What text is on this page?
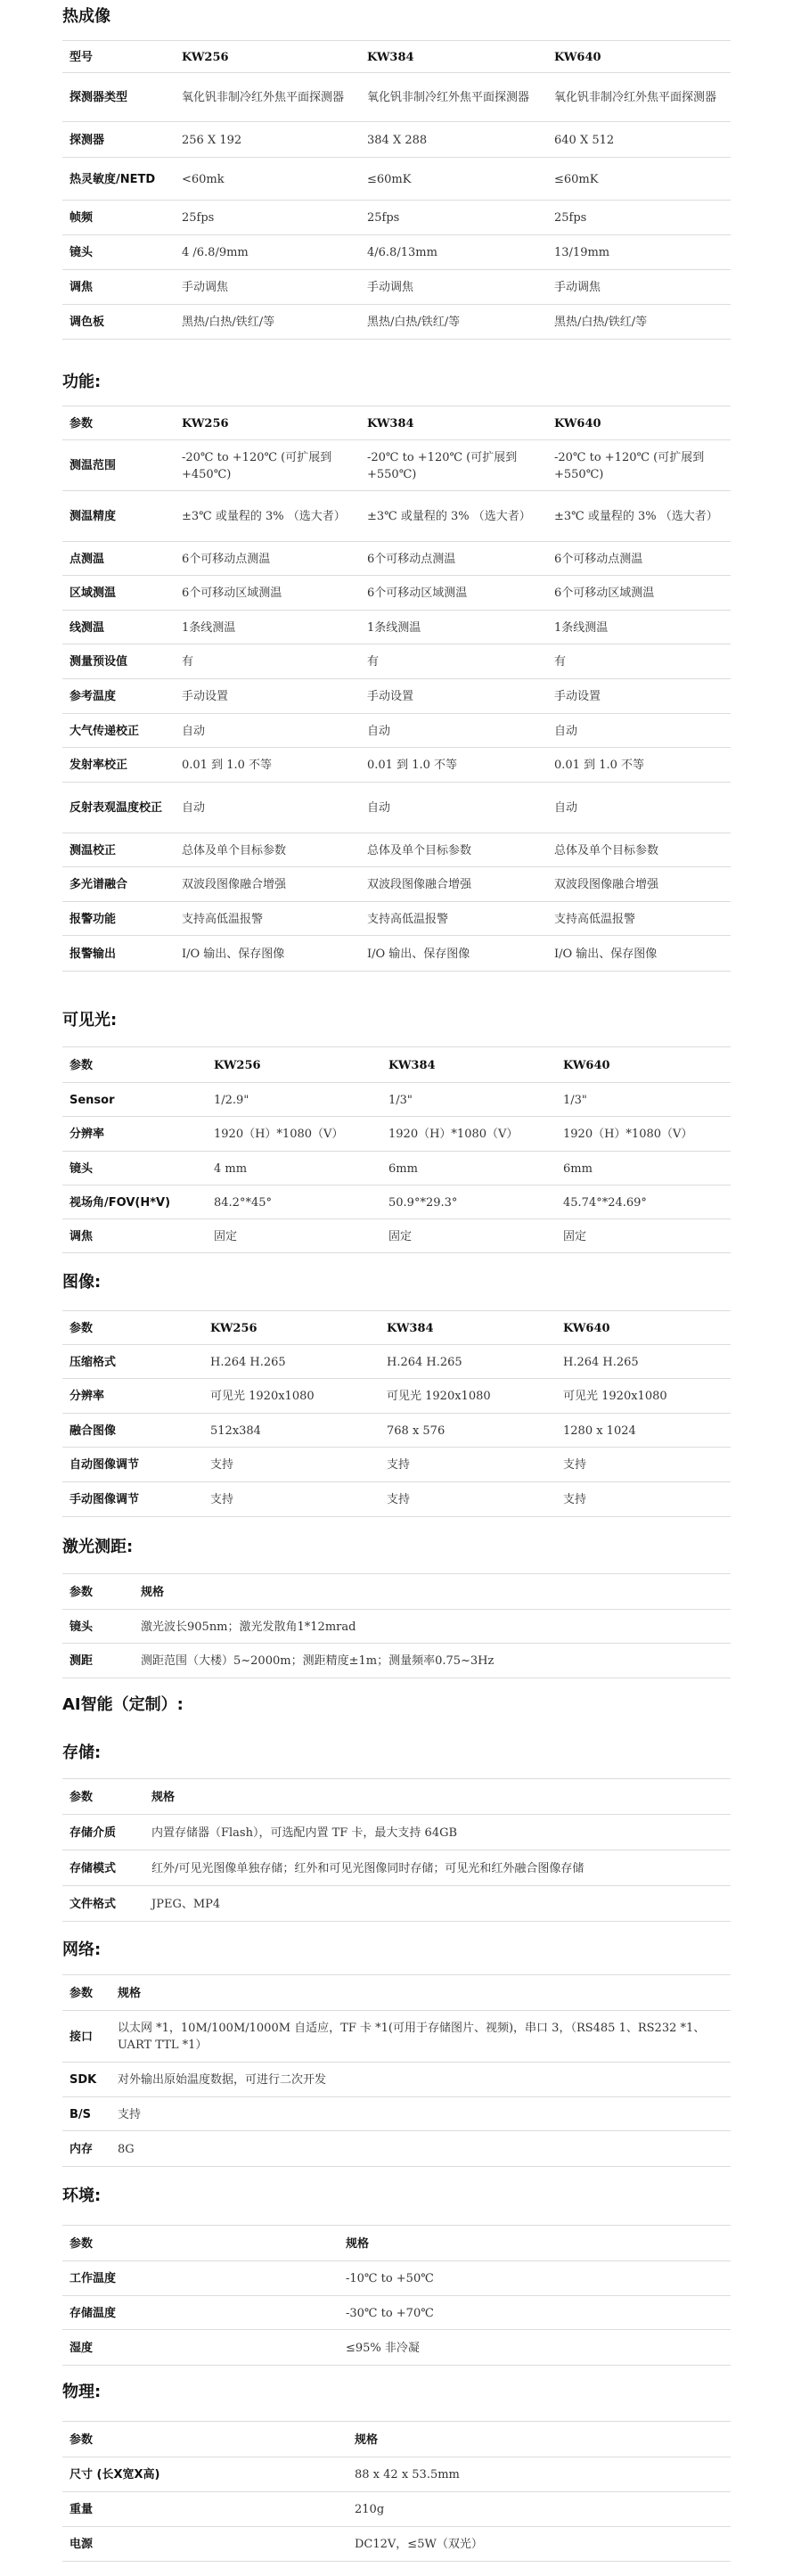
热成像
型号	KW256	KW384	KW640
探测器类型	氧化钒非制冷红外焦平面探测器	氧化钒非制冷红外焦平面探测器	氧化钒非制冷红外焦平面探测器
探测器	256 X 192	384 X 288	640 X 512
热灵敏度/NETD	<60mk	≤60mK	≤60mK
帧频	25fps	25fps	25fps
镜头	4 /6.8/9mm	4/6.8/13mm	13/19mm
调焦	手动调焦	手动调焦	手动调焦
调色板	黑热/白热/铁红/等	黑热/白热/铁红/等	黑热/白热/铁红/等
功能:
参数	KW256	KW384	KW640
测温范围	-20℃ to +120℃ (可扩展到+450℃)	-20℃ to +120℃ (可扩展到+550℃)	-20℃ to +120℃ (可扩展到+550℃)
测温精度	±3℃ 或量程的 3% （选大者）	±3℃ 或量程的 3% （选大者）	±3℃ 或量程的 3% （选大者）
点测温	6个可移动点测温	6个可移动点测温	6个可移动点测温
区域测温	6个可移动区域测温	6个可移动区域测温	6个可移动区域测温
线测温	1条线测温	1条线测温	1条线测温
测量预设值	有	有	有
参考温度	手动设置	手动设置	手动设置
大气传递校正	自动	自动	自动
发射率校正	0.01 到 1.0 不等	0.01 到 1.0 不等	0.01 到 1.0 不等
反射表观温度校正	自动	自动	自动
测温校正	总体及单个目标参数	总体及单个目标参数	总体及单个目标参数
多光谱融合	双波段图像融合增强	双波段图像融合增强	双波段图像融合增强
报警功能	支持高低温报警	支持高低温报警	支持高低温报警
报警输出	I/O 输出、保存图像	I/O 输出、保存图像	I/O 输出、保存图像
可见光:
参数	KW256	KW384	KW640
Sensor	1/2.9"	1/3"	1/3"
分辨率	1920（H）*1080（V）	1920（H）*1080（V）	1920（H）*1080（V）
镜头	4 mm	6mm	6mm
视场角/FOV(H*V)	84.2°*45°	50.9°*29.3°	45.74°*24.69°
调焦	固定	固定	固定
图像:
参数	KW256	KW384	KW640
压缩格式	H.264 H.265	H.264 H.265	H.264 H.265
分辨率	可见光 1920x1080	可见光 1920x1080	可见光 1920x1080
融合图像	512x384	768 x 576	1280 x 1024
自动图像调节	支持	支持	支持
手动图像调节	支持	支持	支持
激光测距:
参数	规格
镜头	激光波长905nm；激光发散角1*12mrad
测距	测距范围（大楼）5~2000m；测距精度±1m；测量频率0.75~3Hz
AI智能（定制）:
存储:
参数	规格
存储介质	内置存储器（Flash），可选配内置 TF 卡，最大支持 64GB
存储模式	红外/可见光图像单独存储；红外和可见光图像同时存储；可见光和红外融合图像存储
文件格式	JPEG、MP4
网络:
参数	规格
接口	以太网 *1，10M/100M/1000M 自适应，TF 卡 *1(可用于存储图片、视频)，串口 3，（RS485 1、RS232 *1、UART TTL *1）
SDK	对外输出原始温度数据，可进行二次开发
B/S	支持
内存	8G
环境:
参数	规格
工作温度	-10℃ to +50℃
存储温度	-30℃ to +70℃
湿度	≤95% 非冷凝
物理:
参数	规格
尺寸 (长X宽X高)	88 x 42 x 53.5mm
重量	210g
电源	DC12V，≤5W（双光）
